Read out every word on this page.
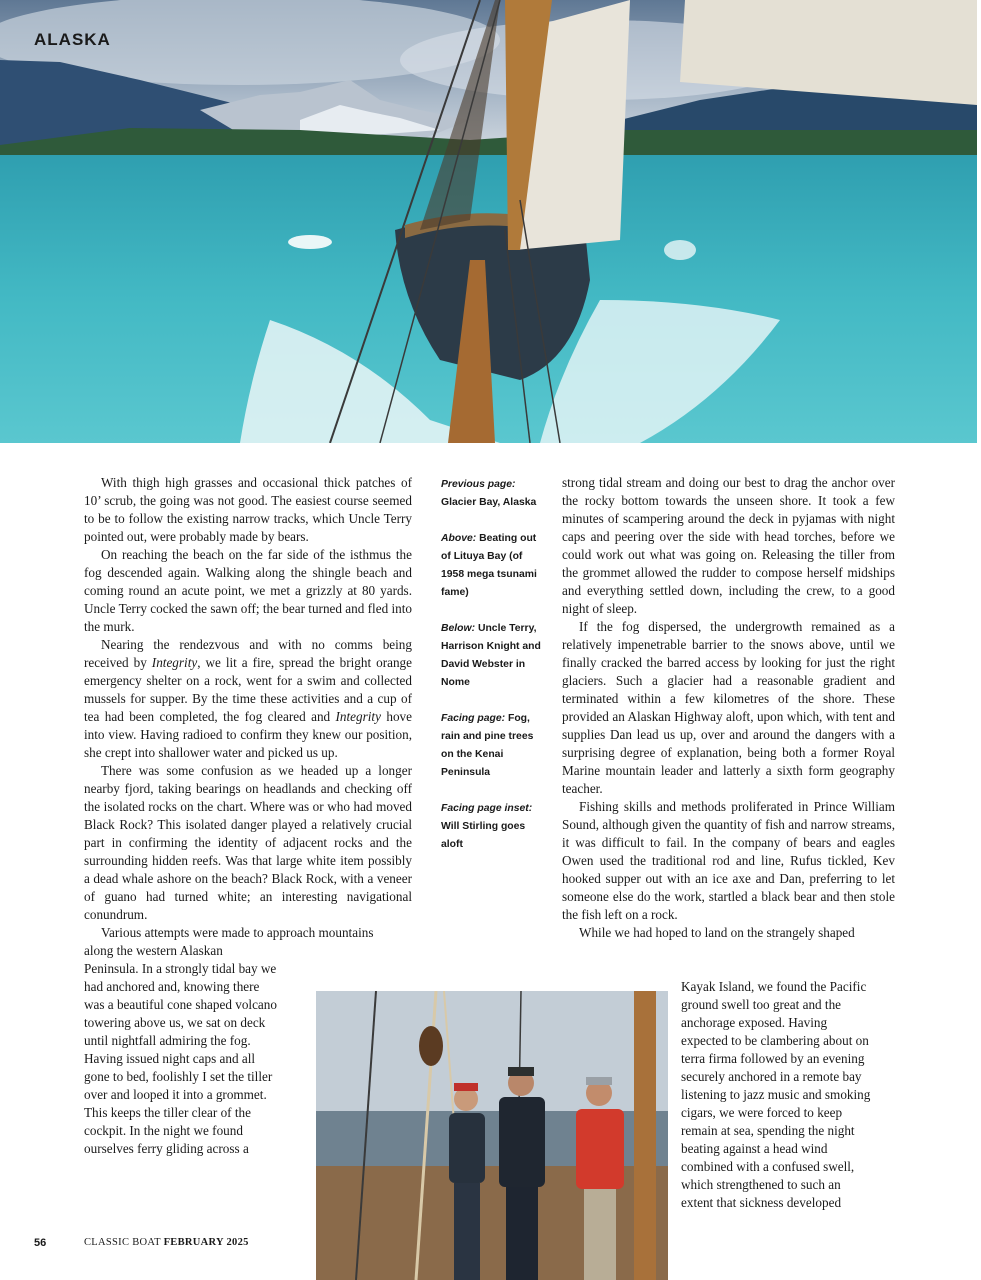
ALASKA

With thigh high grasses and occasional thick patches of 10’ scrub, the going was not good. The easiest course seemed to be to follow the existing narrow tracks, which Uncle Terry pointed out, were probably made by bears.

On reaching the beach on the far side of the isthmus the fog descended again. Walking along the shingle beach and coming round an acute point, we met a grizzly at 80 yards. Uncle Terry cocked the sawn off; the bear turned and fled into the murk.

Nearing the rendezvous and with no comms being received by Integrity, we lit a fire, spread the bright orange emergency shelter on a rock, went for a swim and collected mussels for supper. By the time these activities and a cup of tea had been completed, the fog cleared and Integrity hove into view. Having radioed to confirm they knew our position, she crept into shallower water and picked us up.

There was some confusion as we headed up a longer nearby fjord, taking bearings on headlands and checking off the isolated rocks on the chart. Where was or who had moved Black Rock? This isolated danger played a relatively crucial part in confirming the identity of adjacent rocks and the surrounding hidden reefs. Was that large white item possibly a dead whale ashore on the beach? Black Rock, with a veneer of guano had turned white; an interesting navigational conundrum.

Various attempts were made to approach mountains

along the western Alaskan
Peninsula. In a strongly tidal bay we
had anchored and, knowing there
was a beautiful cone shaped volcano
towering above us, we sat on deck
until nightfall admiring the fog.
Having issued night caps and all
gone to bed, foolishly I set the tiller
over and looped it into a grommet.
This keeps the tiller clear of the
cockpit. In the night we found
ourselves ferry gliding across a

Previous page:
Glacier Bay, Alaska
Above: Beating out of Lituya Bay (of 1958 mega tsunami fame)
Below: Uncle Terry, Harrison Knight and David Webster in Nome
Facing page: Fog, rain and pine trees on the Kenai Peninsula
Facing page inset:
Will Stirling goes aloft

strong tidal stream and doing our best to drag the anchor over the rocky bottom towards the unseen shore. It took a few minutes of scampering around the deck in pyjamas with night caps and peering over the side with head torches, before we could work out what was going on. Releasing the tiller from the grommet allowed the rudder to compose herself midships and everything settled down, including the crew, to a good night of sleep.

If the fog dispersed, the undergrowth remained as a relatively impenetrable barrier to the snows above, until we finally cracked the barred access by looking for just the right glaciers. Such a glacier had a reasonable gradient and terminated within a few kilometres of the shore. These provided an Alaskan Highway aloft, upon which, with tent and supplies Dan lead us up, over and around the dangers with a surprising degree of explanation, being both a former Royal Marine mountain leader and latterly a sixth form geography teacher.

Fishing skills and methods proliferated in Prince William Sound, although given the quantity of fish and narrow streams, it was difficult to fail. In the company of bears and eagles Owen used the traditional rod and line, Rufus tickled, Kev hooked supper out with an ice axe and Dan, preferring to let someone else do the work, startled a black bear and then stole the fish left on a rock.

While we had hoped to land on the strangely shaped

Kayak Island, we found the Pacific
ground swell too great and the
anchorage exposed. Having
expected to be clambering about on
terra firma followed by an evening
securely anchored in a remote bay
listening to jazz music and smoking
cigars, we were forced to keep
remain at sea, spending the night
beating against a head wind
combined with a confused swell,
which strengthened to such an
extent that sickness developed

56	CLASSIC BOAT FEBRUARY 2025
